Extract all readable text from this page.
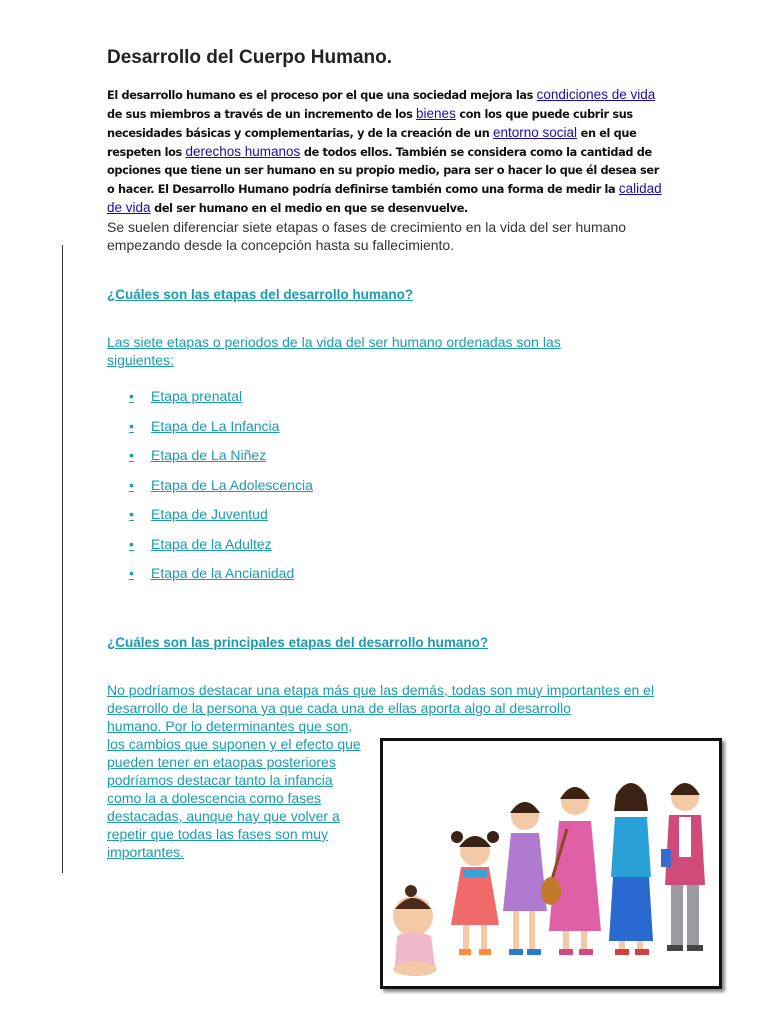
Desarrollo del Cuerpo Humano.
El desarrollo humano es el proceso por el que una sociedad mejora las condiciones de vida de sus miembros a través de un incremento de los bienes con los que puede cubrir sus necesidades básicas y complementarias, y de la creación de un entorno social en el que respeten los derechos humanos de todos ellos. También se considera como la cantidad de opciones que tiene un ser humano en su propio medio, para ser o hacer lo que él desea ser o hacer. El Desarrollo Humano podría definirse también como una forma de medir la calidad de vida del ser humano en el medio en que se desenvuelve.
Se suelen diferenciar siete etapas o fases de crecimiento en la vida del ser humano empezando desde la concepción hasta su fallecimiento.
¿Cuáles son las etapas del desarrollo humano?
Las siete etapas o periodos de la vida del ser humano ordenadas son las siguientes:
•	Etapa prenatal
•	Etapa de La Infancia
•	Etapa de La Niñez
•	Etapa de La Adolescencia
•	Etapa de Juventud
•	Etapa de la Adultez
•	Etapa de la Ancianidad
¿Cuáles son las principales etapas del desarrollo humano?
No podríamos destacar una etapa más que las demás, todas son muy importantes en el desarrollo de la persona ya que cada una de ellas aporta algo al desarrollo
humano. Por lo determinantes que son, los cambios que suponen y el efecto que pueden tener en etaopas posteriores podríamos destacar tanto la infancia como la a dolescencia como fases destacadas, aunque hay que volver a repetir que todas las fases son muy importantes.
